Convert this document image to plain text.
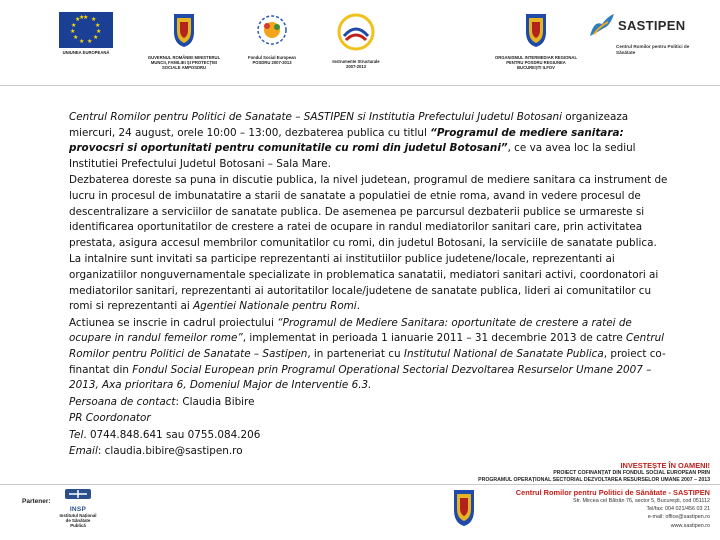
★ ★
★
★
★
★
★
★
★
★
★
★
UNIUNEA EUROPEANĂ
GUVERNUL ROMÂNIEI MINISTERUL MUNCII, FAMILIEI ȘI PROTECȚIEI SOCIALE AMPOSDRU
Fondul Social European POSDRU 2007-2013	Instrumente Structurale 2007-2013
ORGANISMUL INTERMEDIAR REGIONAL PENTRU POSDRU REGIUNEA BUCUREȘTI ILFOV
SASTIPEN
Centrul Romilor pentru Politici de Sănătate

Centrul Romilor pentru Politici de Sanatate – SASTIPEN si Institutia Prefectului Judetul Botosani organizeaza miercuri, 24 august, orele 10:00 – 13:00, dezbaterea publica cu titlul “Programul de mediere sanitara: provocsri si oportunitati pentru comunitatile cu romi din judetul Botosani”, ce va avea loc la sediul Institutiei Prefectului Judetul Botosani – Sala Mare.

Dezbaterea doreste sa puna in discutie publica, la nivel judetean, programul de mediere sanitara ca instrument de lucru in procesul de imbunatatire a starii de sanatate a populatiei de etnie roma, avand in vedere procesul de descentralizare a serviciilor de sanatate publica. De asemenea pe parcursul dezbaterii publice se urmareste si identificarea oportunitatilor de crestere a ratei de ocupare in randul mediatorilor sanitari care, prin activitatea prestata, asigura accesul membrilor comunitatilor cu romi, din judetul Botosani, la serviciile de sanatate publica.

La intalnire sunt invitati sa participe reprezentanti ai institutiilor publice judetene/locale, reprezentanti ai organizatiilor nonguvernamentale specializate in problematica sanatatii, mediatori sanitari activi, coordonatori ai mediatorilor sanitari, reprezentanti ai autoritatilor locale/judetene de sanatate publica, lideri ai comunitatilor cu romi si reprezentanti ai Agentiei Nationale pentru Romi.

Actiunea se inscrie in cadrul proiectului “Programul de Mediere Sanitara: oportunitate de crestere a ratei de ocupare in randul femeilor rome”, implementat in perioada 1 ianuarie 2011 – 31 decembrie 2013 de catre Centrul Romilor pentru Politici de Sanatate – Sastipen, in parteneriat cu Institutul National de Sanatate Publica, proiect co-finantat din Fondul Social European prin Programul Operational Sectorial Dezvoltarea Resurselor Umane 2007 – 2013, Axa prioritara 6, Domeniul Major de Interventie 6.3.

Persoana de contact: Claudia Bibire

PR Coordonator

Tel. 0744.848.641 sau 0755.084.206

Email: claudia.bibire@sastipen.ro

INVESTEȘTE ÎN OAMENI!
PROIECT COFINANȚAT DIN FONDUL SOCIAL EUROPEAN PRIN
PROGRAMUL OPERAȚIONAL SECTORIAL DEZVOLTAREA RESURSELOR UMANE 2007 – 2013
Partener:
INSP
Institutul Național de Sănătate Publică
Centrul Romilor pentru Politici de Sănătate - SASTIPEN
Str. Mircea cel Bătrân 76, sector 5, București, cod 051112
Tel/fax: 004 021/456 03 21
e-mail: office@sastipen.ro
www.sastipen.ro
